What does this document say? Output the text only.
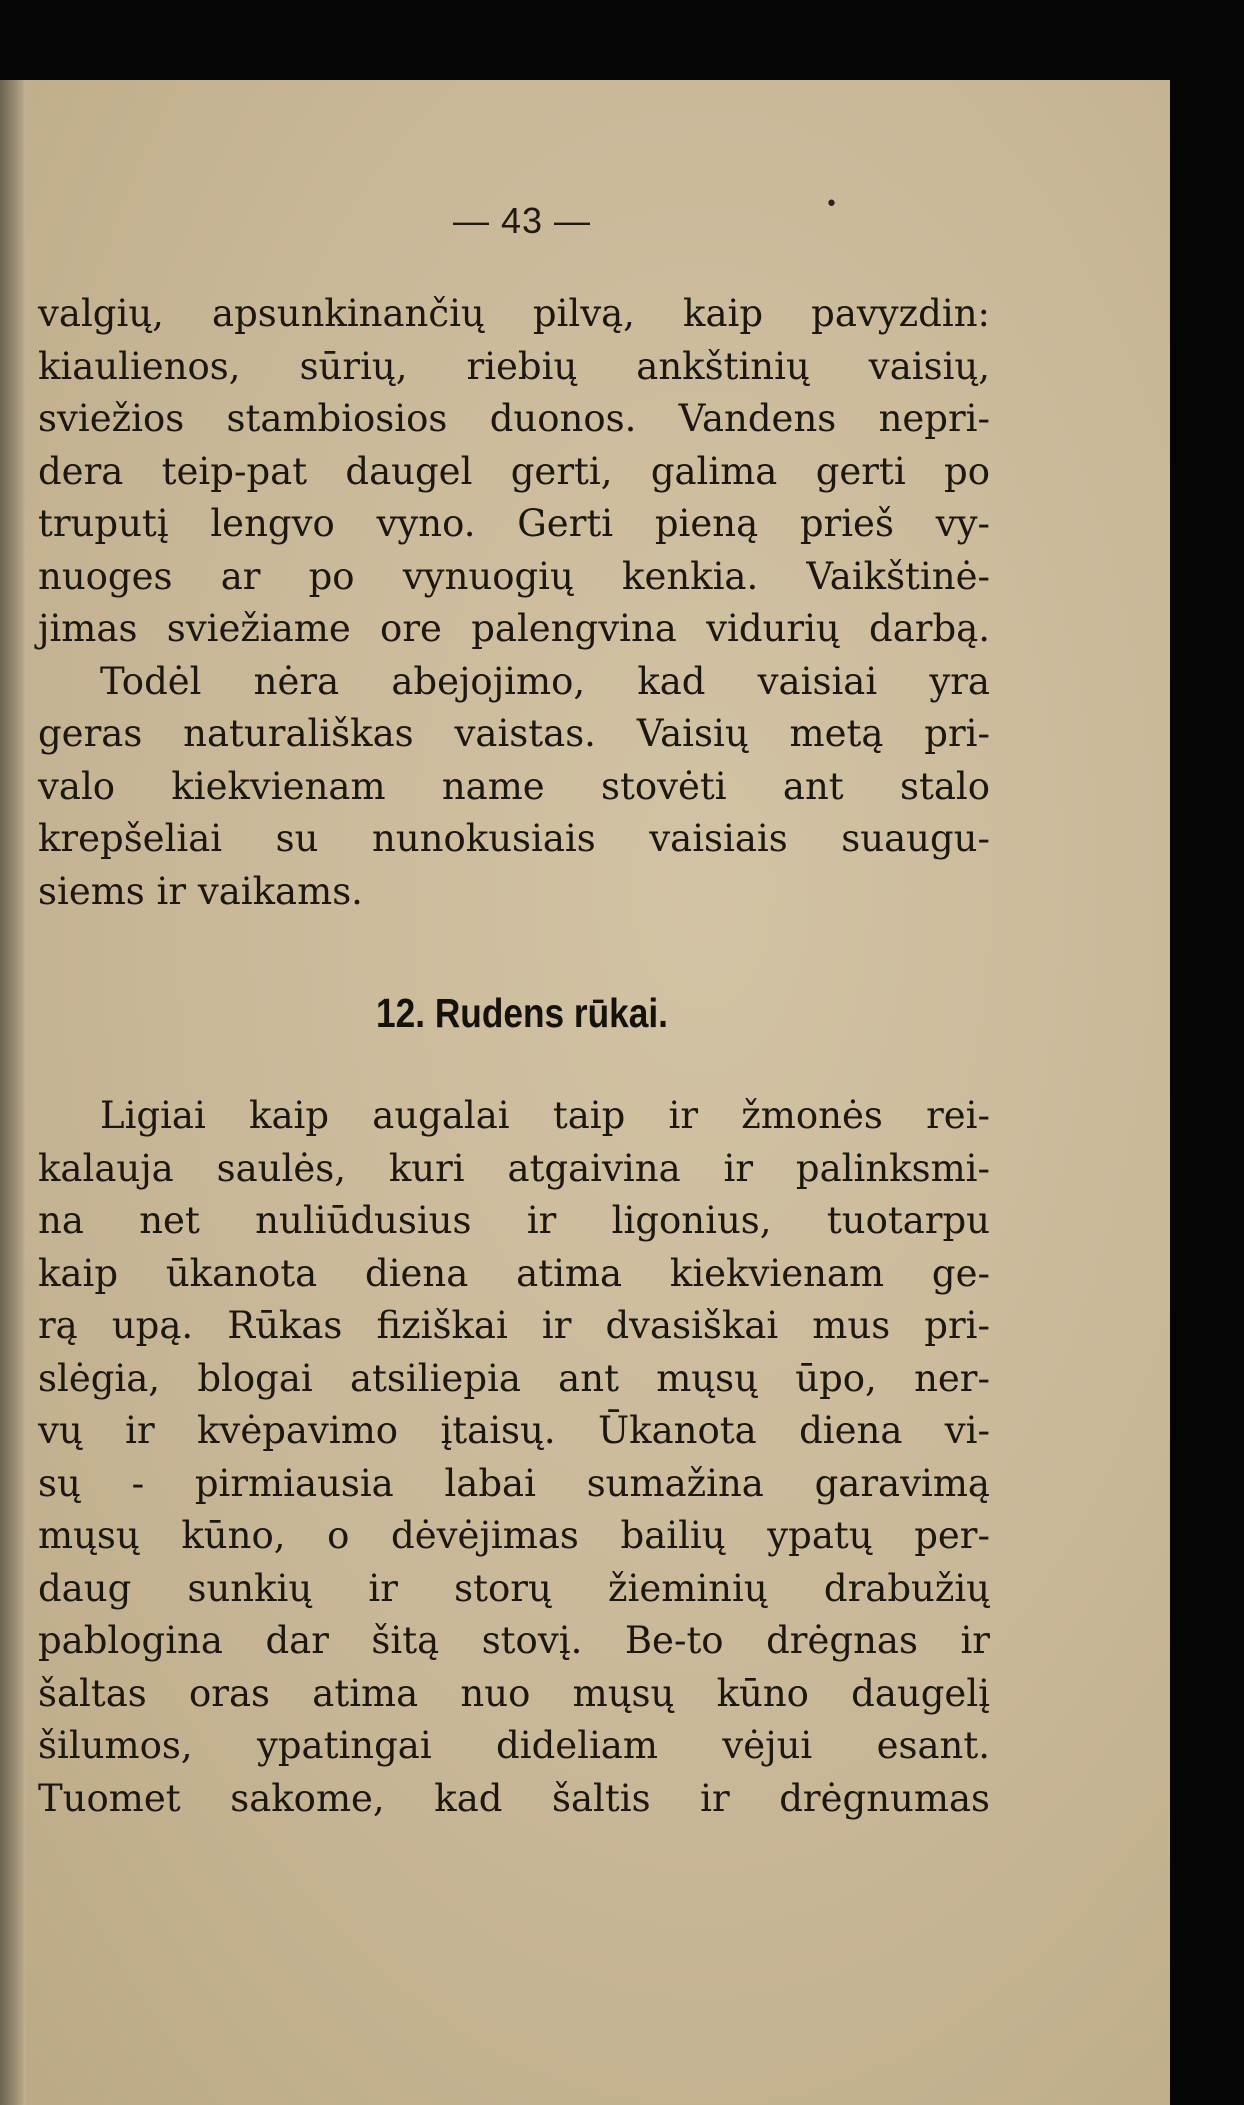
— 43 —	•
valgių, apsunkinančių pilvą, kaip pavyzdin:
kiaulienos, sūrių, riebių ankštinių vaisių,
sviežios stambiosios duonos. Vandens nepri-
dera teip-pat daugel gerti, galima gerti po
truputį lengvo vyno. Gerti pieną prieš vy-
nuoges ar po vynuogių kenkia. Vaikštinė-
jimas sviežiame ore palengvina vidurių darbą.
Todėl nėra abejojimo, kad vaisiai yra
geras naturališkas vaistas. Vaisių metą pri-
valo kiekvienam name stovėti ant stalo
krepšeliai su nunokusiais vaisiais suaugu-
siems ir vaikams.
12. Rudens rūkai.
Ligiai kaip augalai taip ir žmonės rei-
kalauja saulės, kuri atgaivina ir palinksmi-
na net nuliūdusius ir ligonius, tuotarpu
kaip ūkanota diena atima kiekvienam ge-
rą upą. Rūkas fiziškai ir dvasiškai mus pri-
slėgia, blogai atsiliepia ant mųsų ūpo, ner-
vų ir kvėpavimo įtaisų. Ūkanota diena vi-
sų - pirmiausia labai sumažina garavimą
mųsų kūno, o dėvėjimas bailių ypatų per-
daug sunkių ir storų žieminių drabužių
pablogina dar šitą stovį. Be-to drėgnas ir
šaltas oras atima nuo mųsų kūno daugelį
šilumos, ypatingai dideliam vėjui esant.
Tuomet sakome, kad šaltis ir drėgnumas
